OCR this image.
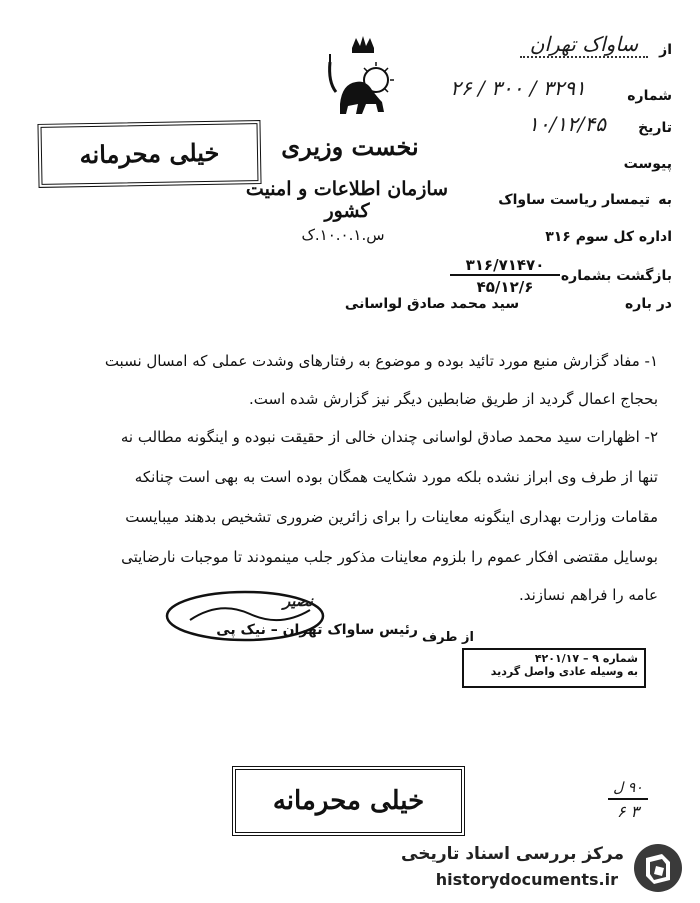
خیلی محرمانه	نخست وزیری
سازمان اطلاعات و امنیت کشور
س.۱۰.۰.۱.ک
از
ساواک تهران
شماره
۳۲۹۱ / ۳۰۰ / ۲۶
تاریخ
۱۰/۱۲/۴۵
پیوست
به
تیمسار ریاست ساواک
اداره کل سوم ۳۱۶
بازگشت بشماره
۳۱۶/۷۱۴۷۰
۴۵/۱۲/۶
در باره
سید محمد صادق لواسانی
۱- مفاد گزارش منبع مورد تائید بوده و موضوع به رفتارهای وشدت عملی که امسال نسبت
بحجاج اعمال گردید از طریق ضابطین دیگر نیز گزارش شده است.
۲- اظهارات سید محمد صادق لواسانی چندان خالی از حقیقت نبوده و اینگونه مطالب نه
تنها از طرف وی ابراز نشده بلکه مورد شکایت همگان بوده است به بهی است چنانکه
مقامات وزارت بهداری اینگونه معاینات را برای زائرین ضروری تشخیص بدهند میبایست
بوسایل مقتضی افکار عموم را بلزوم معاینات مذکور جلب مینمودند تا موجبات نارضایتی
عامه را فراهم نسازند.
نصیر
از طرف
رئیس ساواک تهران – نیک پی
شماره ۹ – ۴۲۰۱/۱۷
به وسیله عادی واصل گردید
خیلی محرمانه	۹۰ ل
۳ ۶
مرکز بررسی اسناد تاریخی
historydocuments.ir
